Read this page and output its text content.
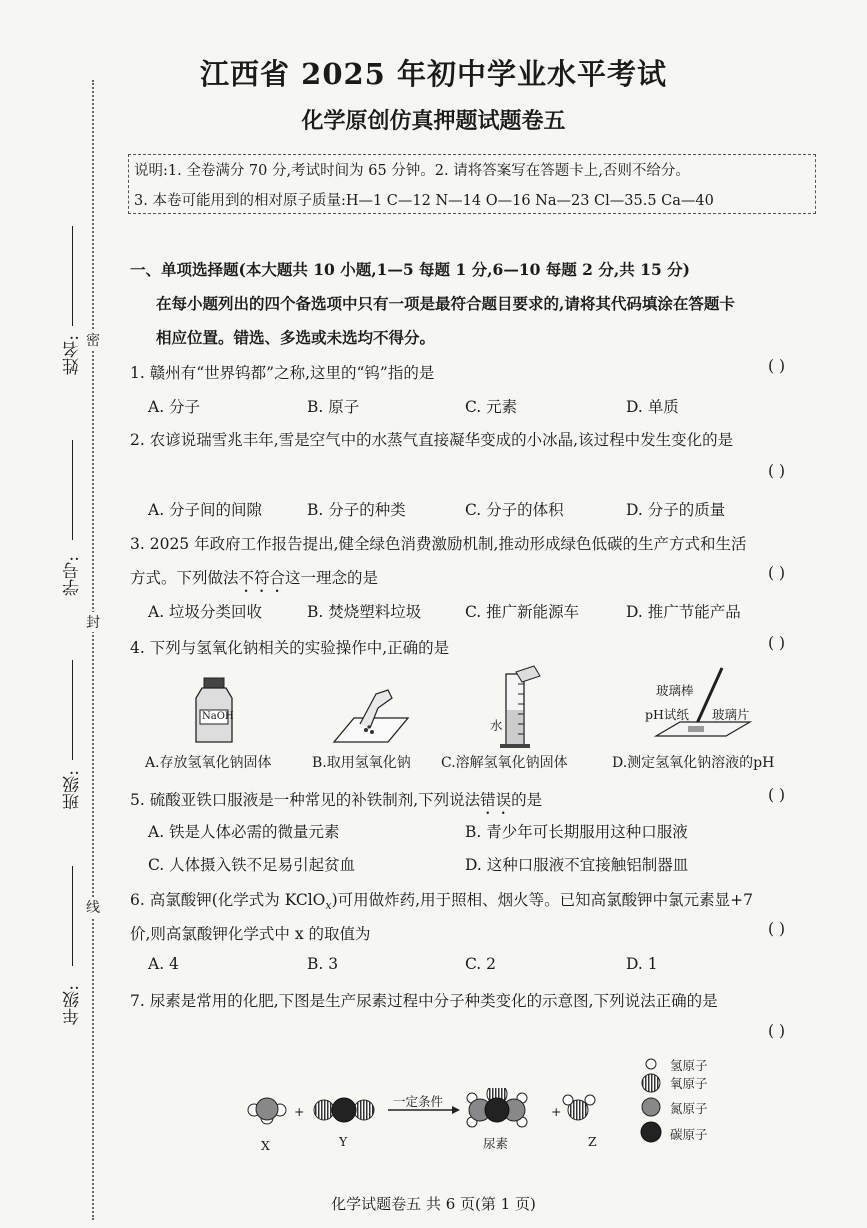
密
封
线
姓名:
学号:
班级:
年级:
江西省 2025 年初中学业水平考试
化学原创仿真押题试题卷五
说明:1. 全卷满分 70 分,考试时间为 65 分钟。2. 请将答案写在答题卡上,否则不给分。
3. 本卷可能用到的相对原子质量:H—1 C—12 N—14 O—16 Na—23 Cl—35.5 Ca—40
一、单项选择题(本大题共 10 小题,1—5 每题 1 分,6—10 每题 2 分,共 15 分)
在每小题列出的四个备选项中只有一项是最符合题目要求的,请将其代码填涂在答题卡
相应位置。错选、多选或未选均不得分。
1. 赣州有“世界钨都”之称,这里的“钨”指的是	( )
A. 分子	B. 原子	C. 元素	D. 单质
2. 农谚说瑞雪兆丰年,雪是空气中的水蒸气直接凝华变成的小冰晶,该过程中发生变化的是
( )
A. 分子间的间隙	B. 分子的种类	C. 分子的体积	D. 分子的质量
3. 2025 年政府工作报告提出,健全绿色消费激励机制,推动形成绿色低碳的生产方式和生活
方式。下列做法不符合这一理念的是	( )
A. 垃圾分类回收	B. 焚烧塑料垃圾	C. 推广新能源车	D. 推广节能产品
4. 下列与氢氧化钠相关的实验操作中,正确的是	( )
NaOH
水
玻璃棒
pH试纸 玻璃片
A.存放氢氧化钠固体	B.取用氢氧化钠 C.溶解氢氧化钠固体	D.测定氢氧化钠溶液的pH
5. 硫酸亚铁口服液是一种常见的补铁制剂,下列说法错误的是	( )
A. 铁是人体必需的微量元素	B. 青少年可长期服用这种口服液
C. 人体摄入铁不足易引起贫血	D. 这种口服液不宜接触铝制器皿
6. 高氯酸钾(化学式为 KClO$_x$)可用做炸药,用于照相、烟火等。已知高氯酸钾中氯元素显+7
价,则高氯酸钾化学式中 x 的取值为	( )
A. 4	B. 3	C. 2	D. 1
7. 尿素是常用的化肥,下图是生产尿素过程中分子种类变化的示意图,下列说法正确的是
( )
+	+
一定条件
X	Y	尿素	Z
氢原子
氧原子
氮原子
碳原子
化学试题卷五 共 6 页(第 1 页)
